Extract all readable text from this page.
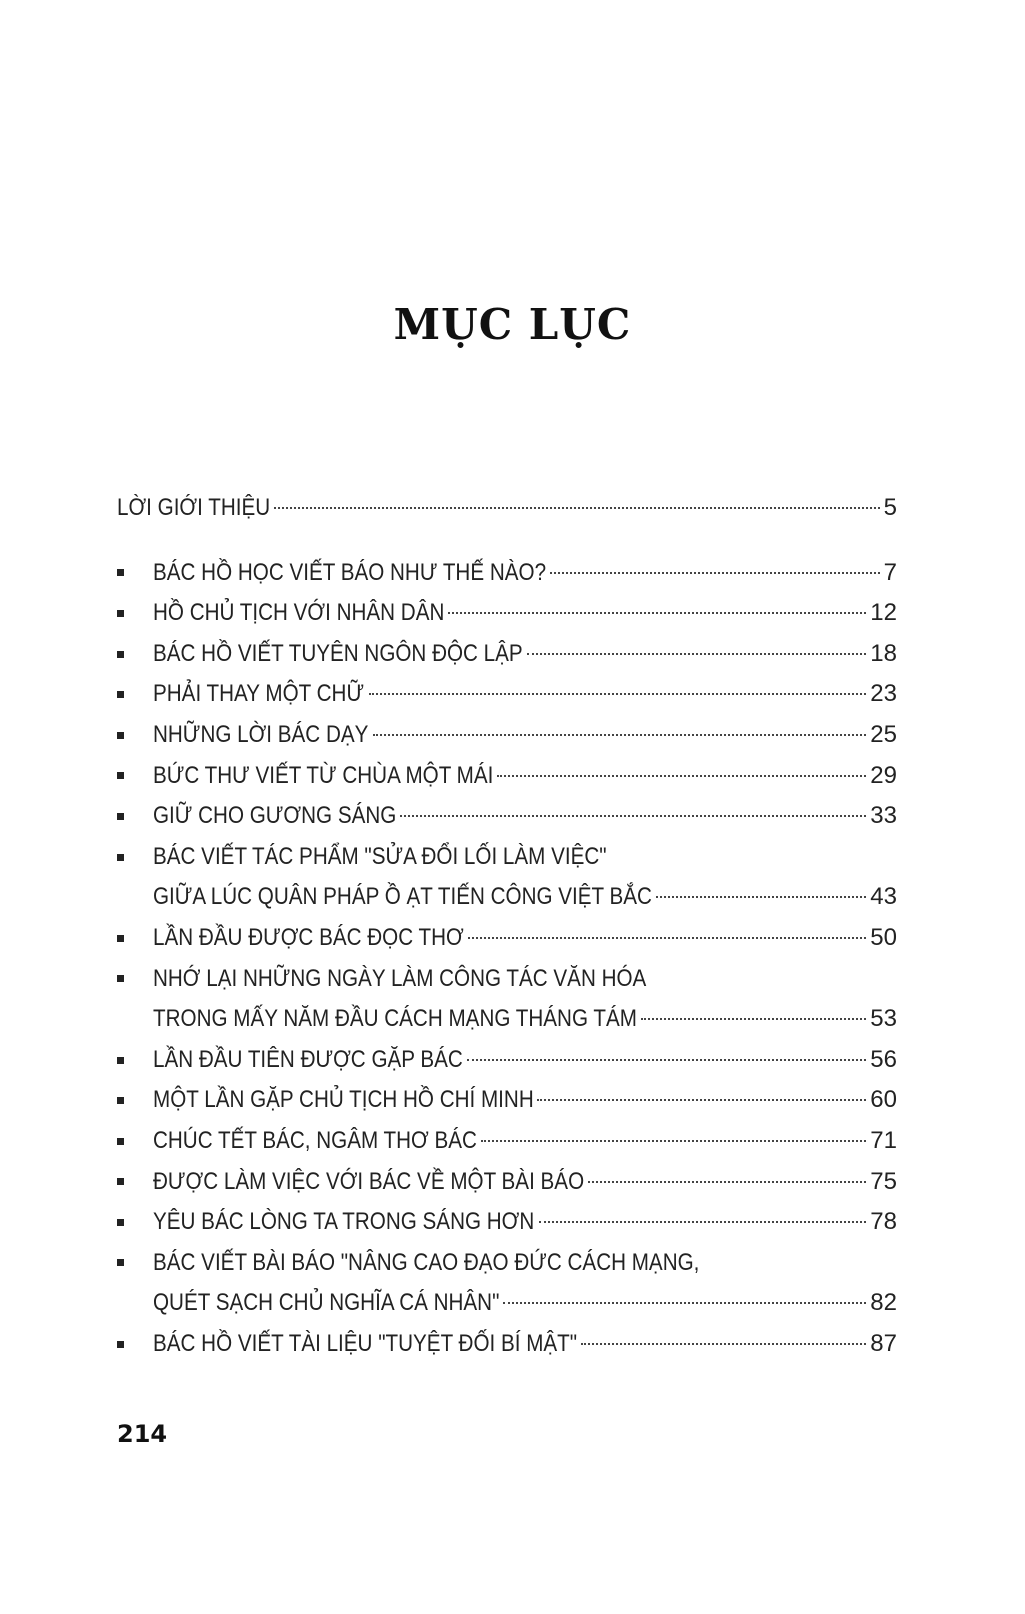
MỤC LỤC
LỜI GIỚI THIỆU	5
BÁC HỒ HỌC VIẾT BÁO NHƯ THẾ NÀO?	7
HỒ CHỦ TỊCH VỚI NHÂN DÂN	12
BÁC HỒ VIẾT TUYÊN NGÔN ĐỘC LẬP	18
PHẢI THAY MỘT CHỮ	23
NHỮNG LỜI BÁC DẠY	25
BỨC THƯ VIẾT TỪ CHÙA MỘT MÁI	29
GIỮ CHO GƯƠNG SÁNG	33
BÁC VIẾT TÁC PHẨM "SỬA ĐỔI LỐI LÀM VIỆC"
GIỮA LÚC QUÂN PHÁP Ồ ẠT TIẾN CÔNG VIỆT BẮC	43
LẦN ĐẦU ĐƯỢC BÁC ĐỌC THƠ	50
NHỚ LẠI NHỮNG NGÀY LÀM CÔNG TÁC VĂN HÓA
TRONG MẤY NĂM ĐẦU CÁCH MẠNG THÁNG TÁM	53
LẦN ĐẦU TIÊN ĐƯỢC GẶP BÁC	56
MỘT LẦN GẶP CHỦ TỊCH HỒ CHÍ MINH	60
CHÚC TẾT BÁC, NGÂM THƠ BÁC	71
ĐƯỢC LÀM VIỆC VỚI BÁC VỀ MỘT BÀI BÁO	75
YÊU BÁC LÒNG TA TRONG SÁNG HƠN	78
BÁC VIẾT BÀI BÁO "NÂNG CAO ĐẠO ĐỨC CÁCH MẠNG,
QUÉT SẠCH CHỦ NGHĨA CÁ NHÂN"	82
BÁC HỒ VIẾT TÀI LIỆU "TUYỆT ĐỐI BÍ MẬT"	87
214
